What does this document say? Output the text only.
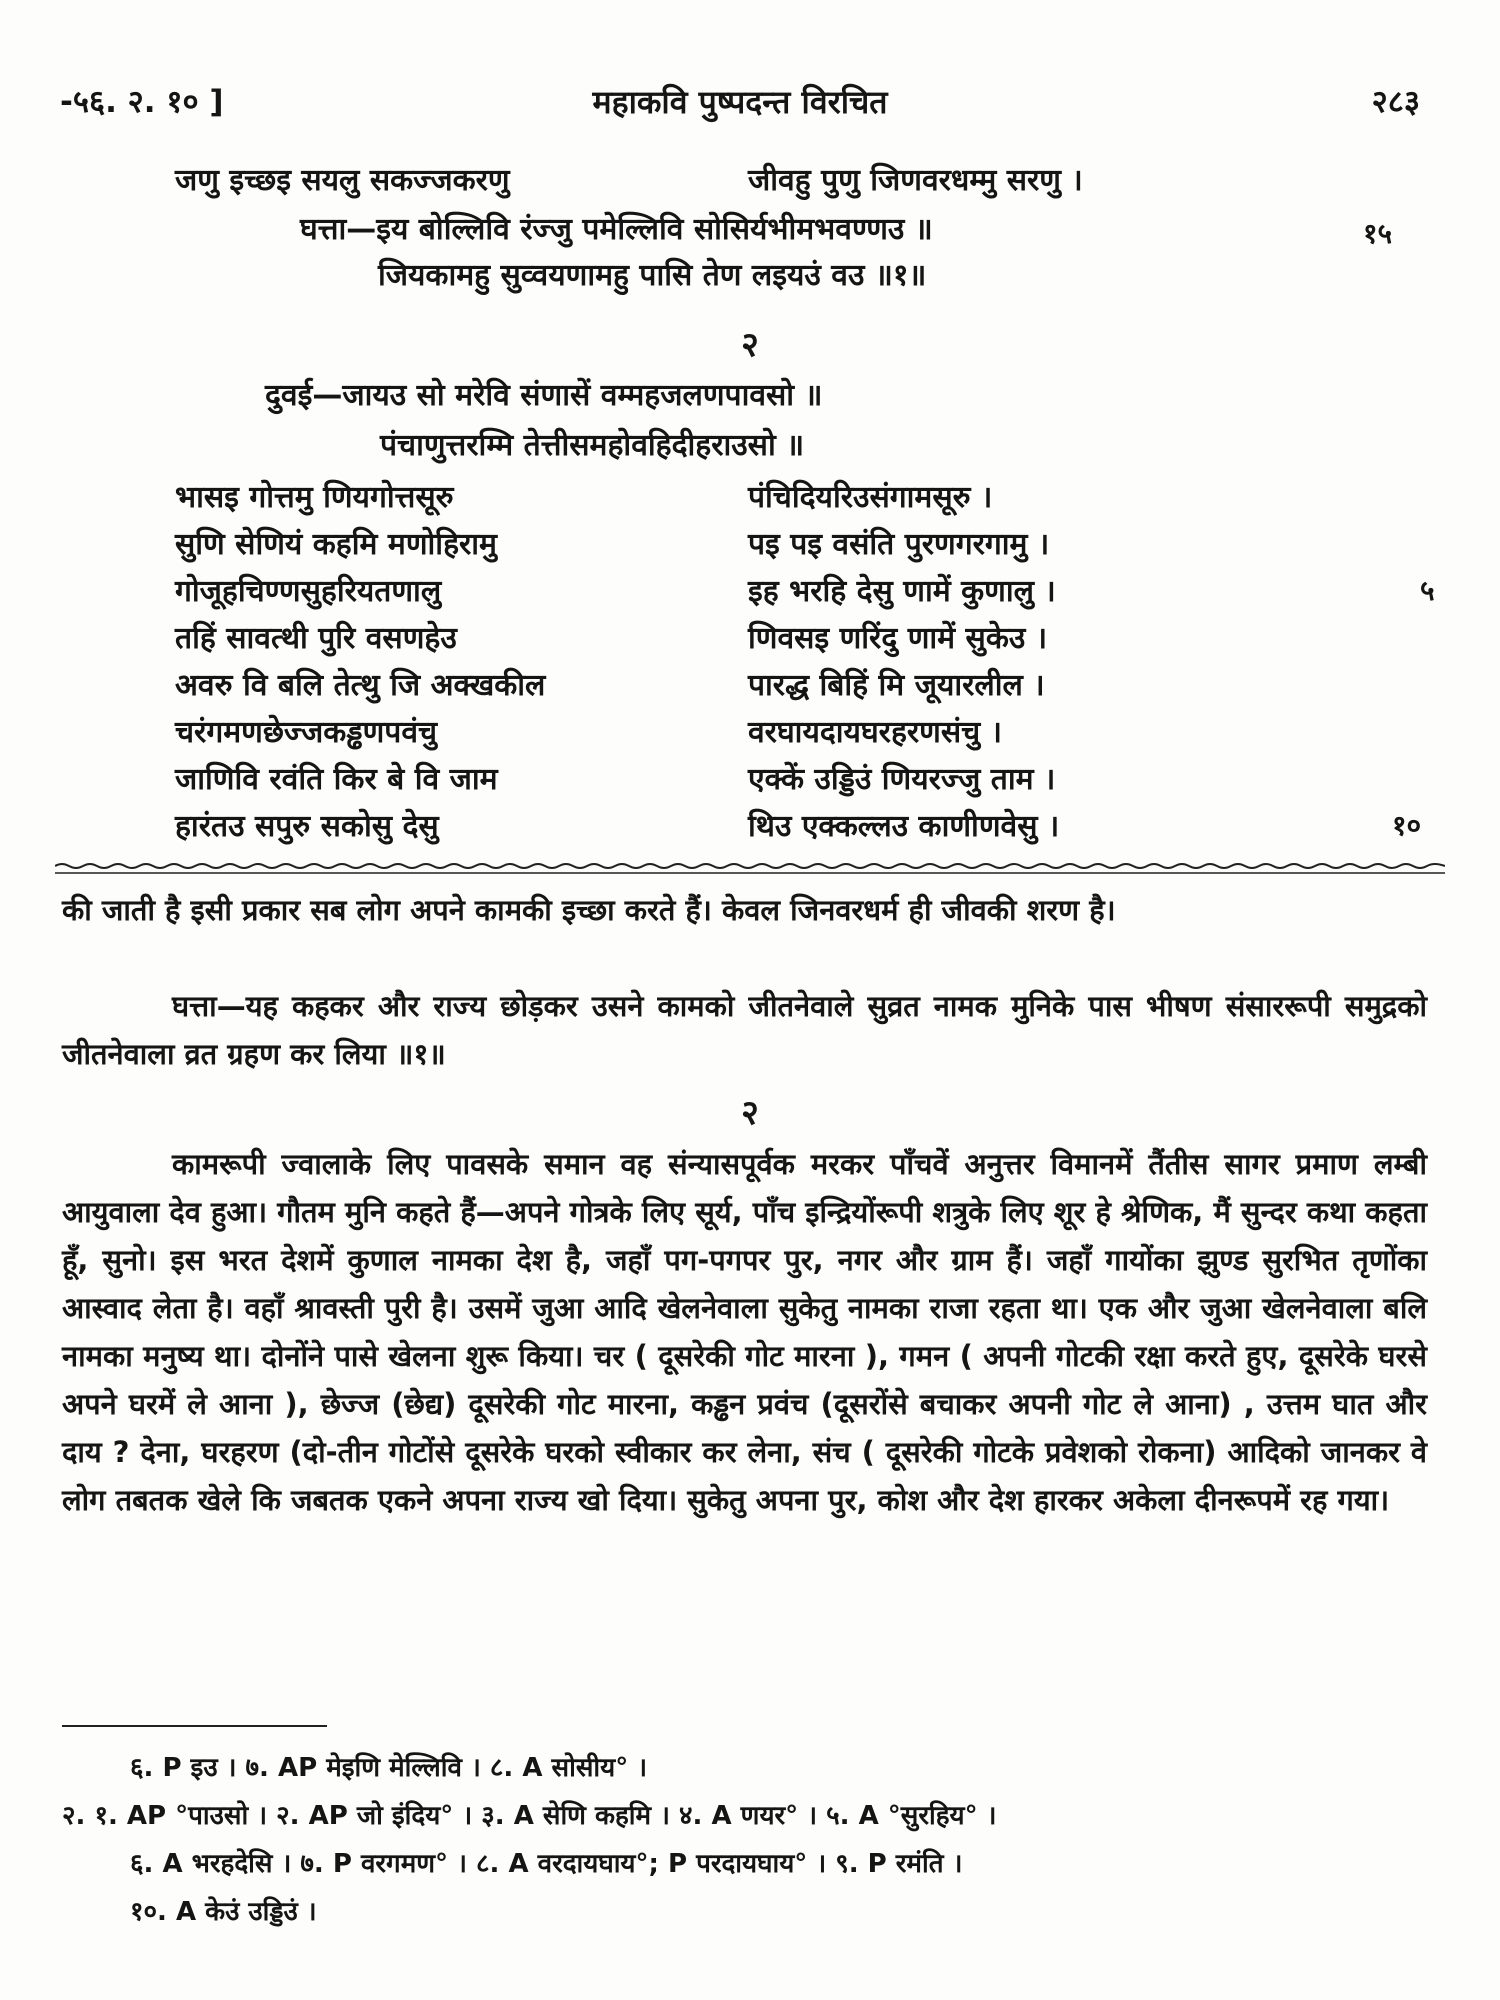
-५६. २. १० ]	महाकवि पुष्पदन्त विरचित	२८३
जणु इच्छइ सयलु सकज्जकरणु	जीवहु पुणु जिणवरधम्मु सरणु ।
घत्ता—इय बोल्लिवि रंज्जु पमेल्लिवि सोसिर्यभीमभवण्णउ ॥	१५
जियकामहु सुव्वयणामहु पासि तेण लइयउं वउ ॥१॥
२
दुवई—जायउ सो मरेवि संणासें वम्महजलणपावसो ॥
पंचाणुत्तरम्मि तेत्तीसमहोवहिदीहराउसो ॥
भासइ गोत्तमु णियगोत्तसूरु	पंचिदियरिउसंगामसूरु ।
सुणि सेणियं कहमि मणोहिरामु	पइ पइ वसंति पुरणगरगामु ।
गोजूहचिण्णसुहरियतणालु	इह भरहि देसु णामें कुणालु ।	५
तहिं सावत्थी पुरि वसणहेउ	णिवसइ णरिंदु णामें सुकेउ ।
अवरु वि बलि तेत्थु जि अक्खकील	पारद्ध बिहिं मि जूयारलील ।
चरंगमणछेज्जकड्ढणपवंचु	वरघायदायघरहरणसंचु ।
जाणिवि रवंति किर बे वि जाम	एक्कें उड्डिउं णियरज्जु ताम ।
हारंतउ सपुरु सकोसु देसु	थिउ एक्कल्लउ काणीणवेसु ।	१०

की जाती है इसी प्रकार सब लोग अपने कामकी इच्छा करते हैं। केवल जिनवरधर्म ही जीवकी शरण है।

घत्ता—यह कहकर और राज्य छोड़कर उसने कामको जीतनेवाले सुव्रत नामक मुनिके पास भीषण संसाररूपी समुद्रको जीतनेवाला व्रत ग्रहण कर लिया ॥१॥

२

कामरूपी ज्वालाके लिए पावसके समान वह संन्यासपूर्वक मरकर पाँचवें अनुत्तर विमानमें तैंतीस सागर प्रमाण लम्बी आयुवाला देव हुआ। गौतम मुनि कहते हैं—अपने गोत्रके लिए सूर्य, पाँच इन्द्रियोंरूपी शत्रुके लिए शूर हे श्रेणिक, मैं सुन्दर कथा कहता हूँ, सुनो। इस भरत देशमें कुणाल नामका देश है, जहाँ पग-पगपर पुर, नगर और ग्राम हैं। जहाँ गायोंका झुण्ड सुरभित तृणोंका आस्वाद लेता है। वहाँ श्रावस्ती पुरी है। उसमें जुआ आदि खेलनेवाला सुकेतु नामका राजा रहता था। एक और जुआ खेलनेवाला बलि नामका मनुष्य था। दोनोंने पासे खेलना शुरू किया। चर ( दूसरेकी गोट मारना ), गमन ( अपनी गोटकी रक्षा करते हुए, दूसरेके घरसे अपने घरमें ले आना ), छेज्ज (छेद्य) दूसरेकी गोट मारना, कड्ढन प्रवंच (दूसरोंसे बचाकर अपनी गोट ले आना) , उत्तम घात और दाय ? देना, घरहरण (दो-तीन गोटोंसे दूसरेके घरको स्वीकार कर लेना, संच ( दूसरेकी गोटके प्रवेशको रोकना) आदिको जानकर वे लोग तबतक खेले कि जबतक एकने अपना राज्य खो दिया। सुकेतु अपना पुर, कोश और देश हारकर अकेला दीनरूपमें रह गया।

६. P इउ । ७. AP मेइणि मेल्लिवि । ८. A सोसीय° ।
२. १. AP °पाउसो । २. AP जो इंदिय° । ३. A सेणि कहमि । ४. A णयर° । ५. A °सुरहिय° ।
६. A भरहदेसि । ७. P वरगमण° । ८. A वरदायघाय°; P परदायघाय° । ९. P रमंति ।
१०. A केउं उड्डिउं ।
